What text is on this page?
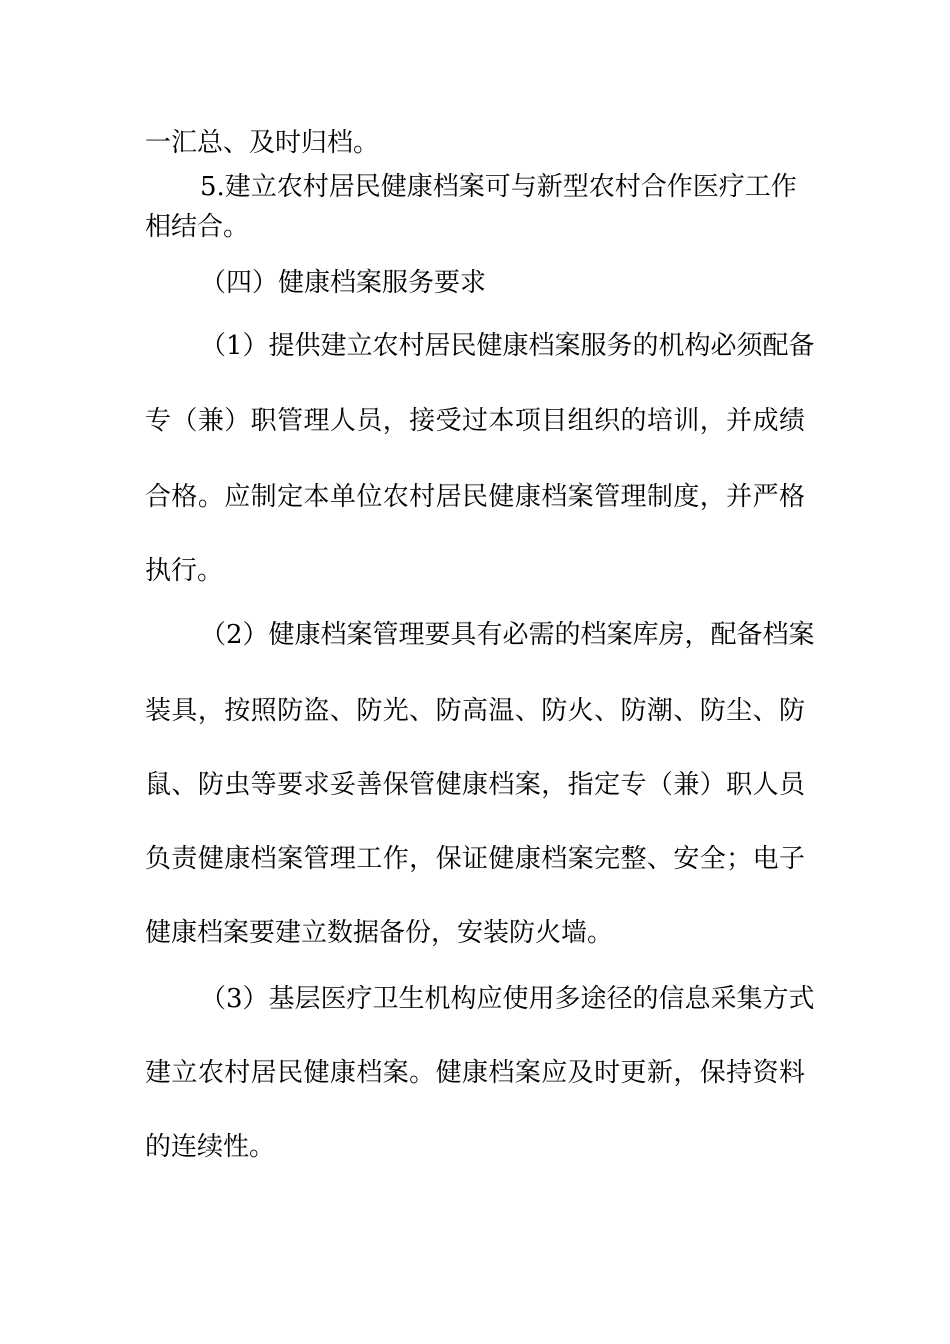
一汇总、及时归档。
5.建立农村居民健康档案可与新型农村合作医疗工作
相结合。
（四）健康档案服务要求
（1）提供建立农村居民健康档案服务的机构必须配备
专（兼）职管理人员，接受过本项目组织的培训，并成绩
合格。应制定本单位农村居民健康档案管理制度，并严格
执行。
（2）健康档案管理要具有必需的档案库房，配备档案
装具，按照防盗、防光、防高温、防火、防潮、防尘、防
鼠、防虫等要求妥善保管健康档案，指定专（兼）职人员
负责健康档案管理工作，保证健康档案完整、安全；电子
健康档案要建立数据备份，安装防火墙。
（3）基层医疗卫生机构应使用多途径的信息采集方式
建立农村居民健康档案。健康档案应及时更新，保持资料
的连续性。
